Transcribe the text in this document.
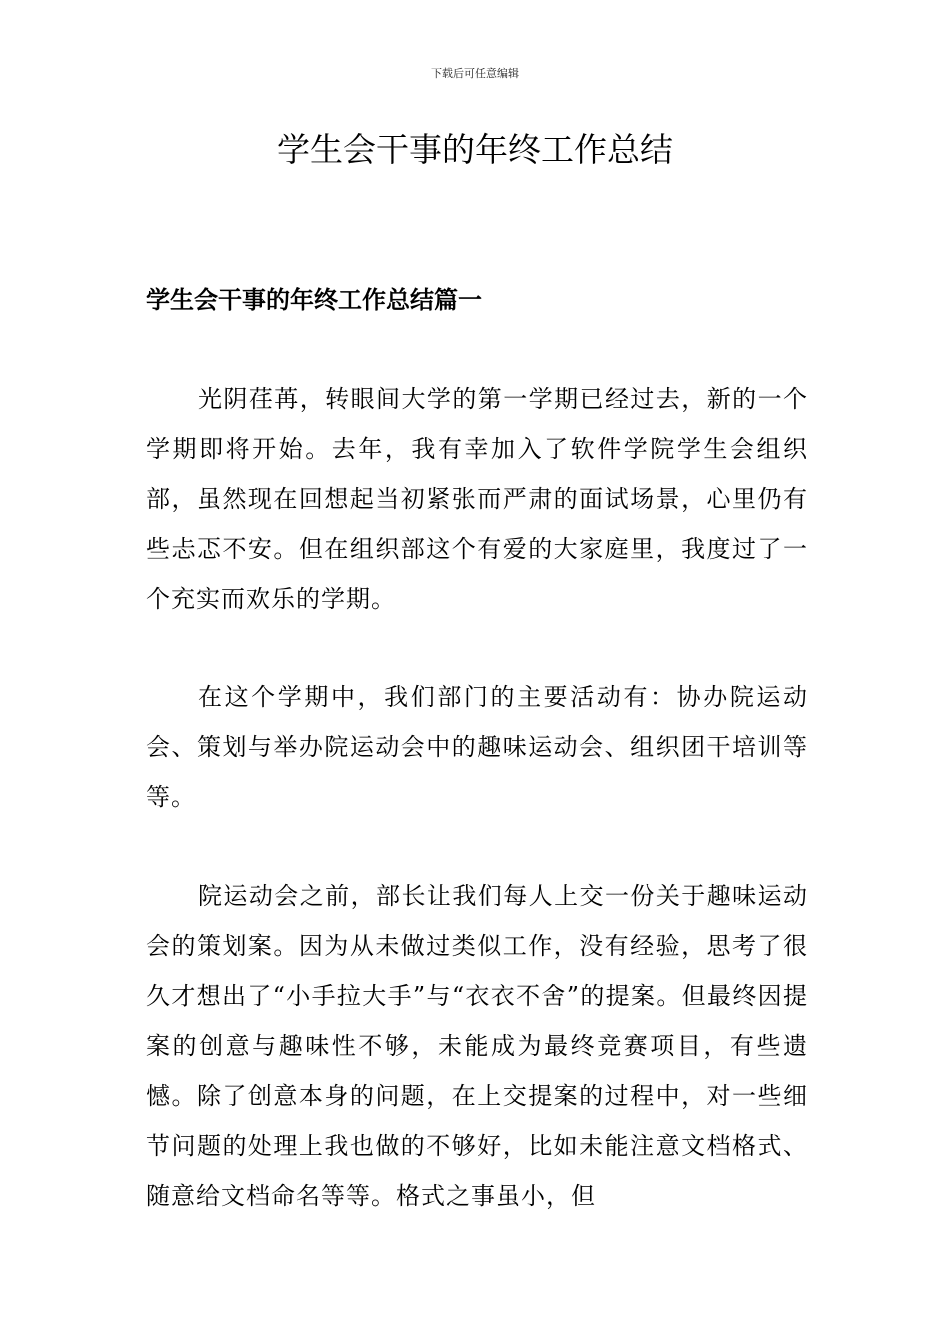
下载后可任意编辑
学生会干事的年终工作总结
学生会干事的年终工作总结篇一

光阴荏苒，转眼间大学的第一学期已经过去，新的一个学期即将开始。去年，我有幸加入了软件学院学生会组织部，虽然现在回想起当初紧张而严肃的面试场景，心里仍有些忐忑不安。但在组织部这个有爱的大家庭里，我度过了一个充实而欢乐的学期。

在这个学期中，我们部门的主要活动有：协办院运动会、策划与举办院运动会中的趣味运动会、组织团干培训等等。

院运动会之前，部长让我们每人上交一份关于趣味运动会的策划案。因为从未做过类似工作，没有经验，思考了很久才想出了“小手拉大手”与“衣衣不舍”的提案。但最终因提案的创意与趣味性不够，未能成为最终竞赛项目，有些遗憾。除了创意本身的问题，在上交提案的过程中，对一些细节问题的处理上我也做的不够好，比如未能注意文档格式、随意给文档命名等等。格式之事虽小，但
